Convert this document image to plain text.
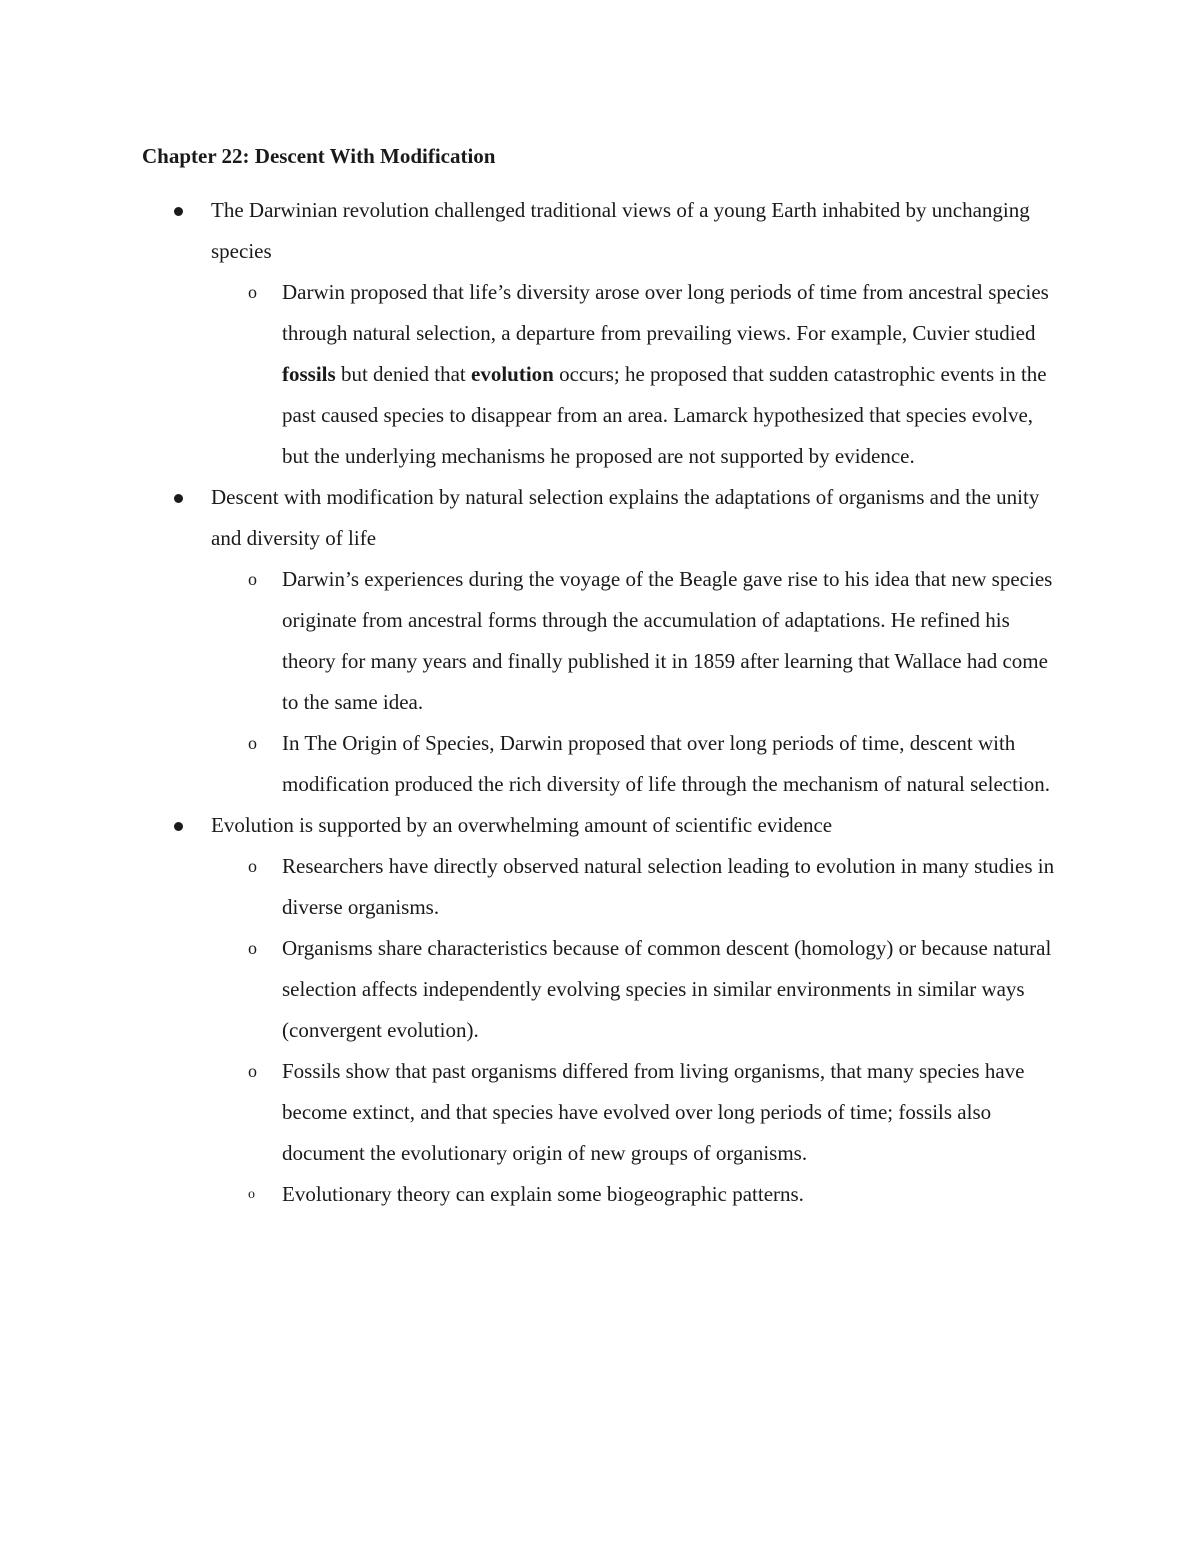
Chapter 22: Descent With Modification
The Darwinian revolution challenged traditional views of a young Earth inhabited by unchanging species
o Darwin proposed that life’s diversity arose over long periods of time from ancestral species through natural selection, a departure from prevailing views. For example, Cuvier studied fossils but denied that evolution occurs; he proposed that sudden catastrophic events in the past caused species to disappear from an area. Lamarck hypothesized that species evolve, but the underlying mechanisms he proposed are not supported by evidence.
Descent with modification by natural selection explains the adaptations of organisms and the unity and diversity of life
o Darwin’s experiences during the voyage of the Beagle gave rise to his idea that new species originate from ancestral forms through the accumulation of adaptations. He refined his theory for many years and finally published it in 1859 after learning that Wallace had come to the same idea.
o In The Origin of Species, Darwin proposed that over long periods of time, descent with modification produced the rich diversity of life through the mechanism of natural selection.
Evolution is supported by an overwhelming amount of scientific evidence
o Researchers have directly observed natural selection leading to evolution in many studies in diverse organisms.
o Organisms share characteristics because of common descent (homology) or because natural selection affects independently evolving species in similar environments in similar ways (convergent evolution).
o Fossils show that past organisms differed from living organisms, that many species have become extinct, and that species have evolved over long periods of time; fossils also document the evolutionary origin of new groups of organisms.
o Evolutionary theory can explain some biogeographic patterns.
